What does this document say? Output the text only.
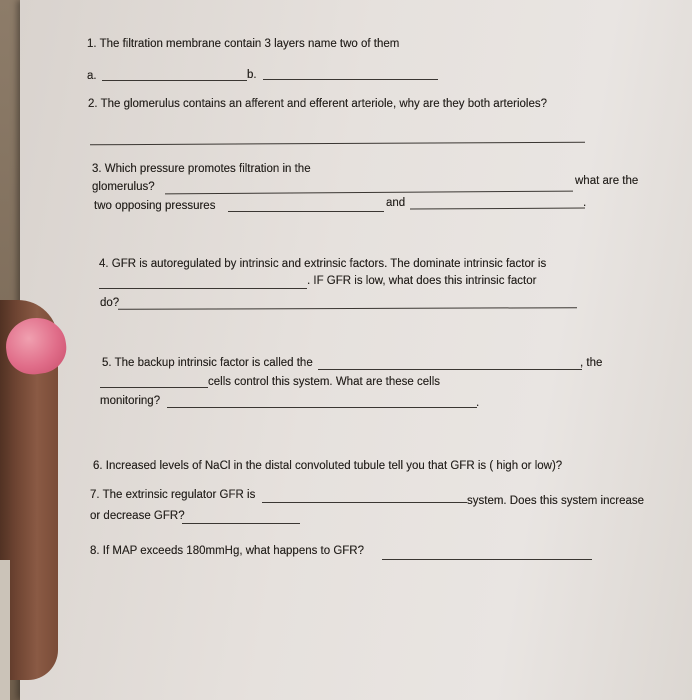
1. The filtration membrane contain 3 layers name two of them
a.	b.
2. The glomerulus contains an afferent and efferent arteriole, why are they both arterioles?
3. Which pressure promotes filtration in the
glomerulus?	what are the
two opposing pressures	and	.
4. GFR is autoregulated by intrinsic and extrinsic factors. The dominate intrinsic factor is
. IF GFR is low, what does this intrinsic factor
do?
5. The backup intrinsic factor is called the	, the
cells control this system. What are these cells
monitoring?	.
6. Increased levels of NaCl in the distal convoluted tubule tell you that GFR is ( high or low)?
7. The extrinsic regulator GFR is	system. Does this system increase
or decrease GFR?
8. If MAP exceeds 180mmHg, what happens to GFR?
